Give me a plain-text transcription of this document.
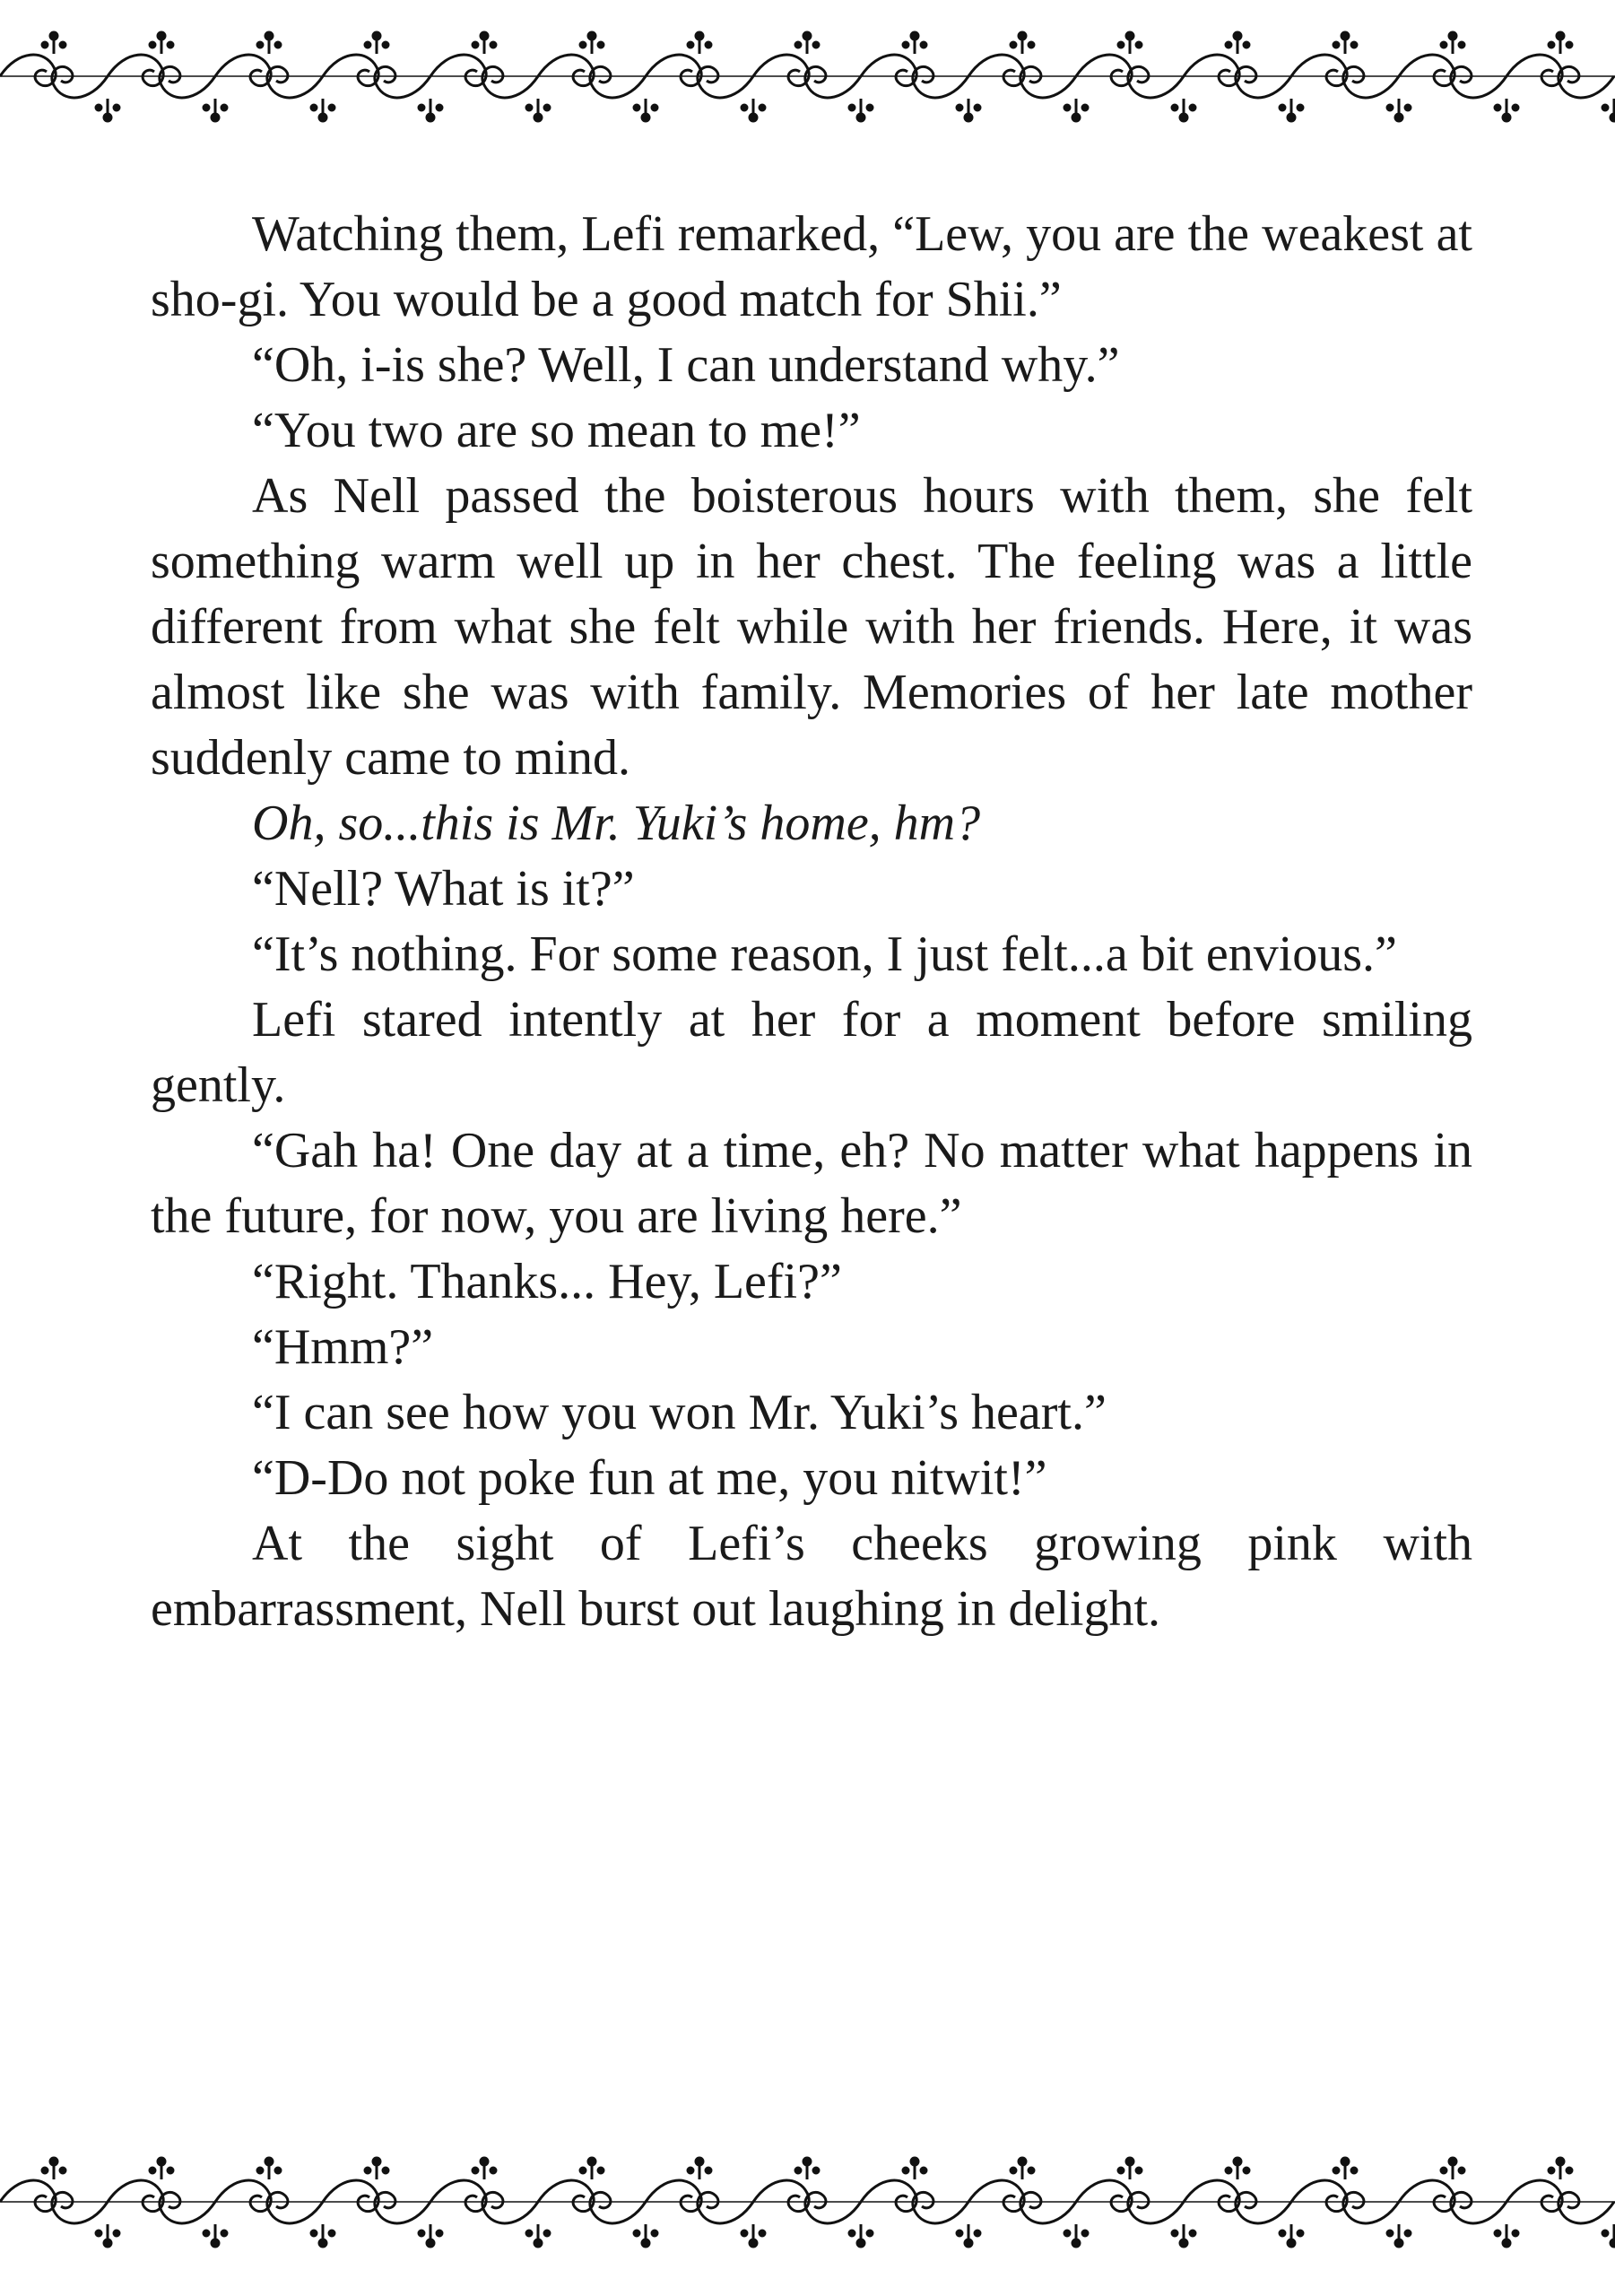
Watching them, Lefi remarked, “Lew, you are the weakest at sho-gi. You would be a good match for Shii.”

“Oh, i-is she? Well, I can understand why.”

“You two are so mean to me!”

As Nell passed the boisterous hours with them, she felt something warm well up in her chest. The feeling was a little different from what she felt while with her friends. Here, it was almost like she was with family. Memories of her late mother suddenly came to mind.

Oh, so...this is Mr. Yuki’s home, hm?

“Nell? What is it?”

“It’s nothing. For some reason, I just felt...a bit envious.”

Lefi stared intently at her for a moment before smiling gently.

“Gah ha! One day at a time, eh? No matter what happens in the future, for now, you are living here.”

“Right. Thanks... Hey, Lefi?”

“Hmm?”

“I can see how you won Mr. Yuki’s heart.”

“D-Do not poke fun at me, you nitwit!”

At the sight of Lefi’s cheeks growing pink with embarrassment, Nell burst out laughing in delight.
